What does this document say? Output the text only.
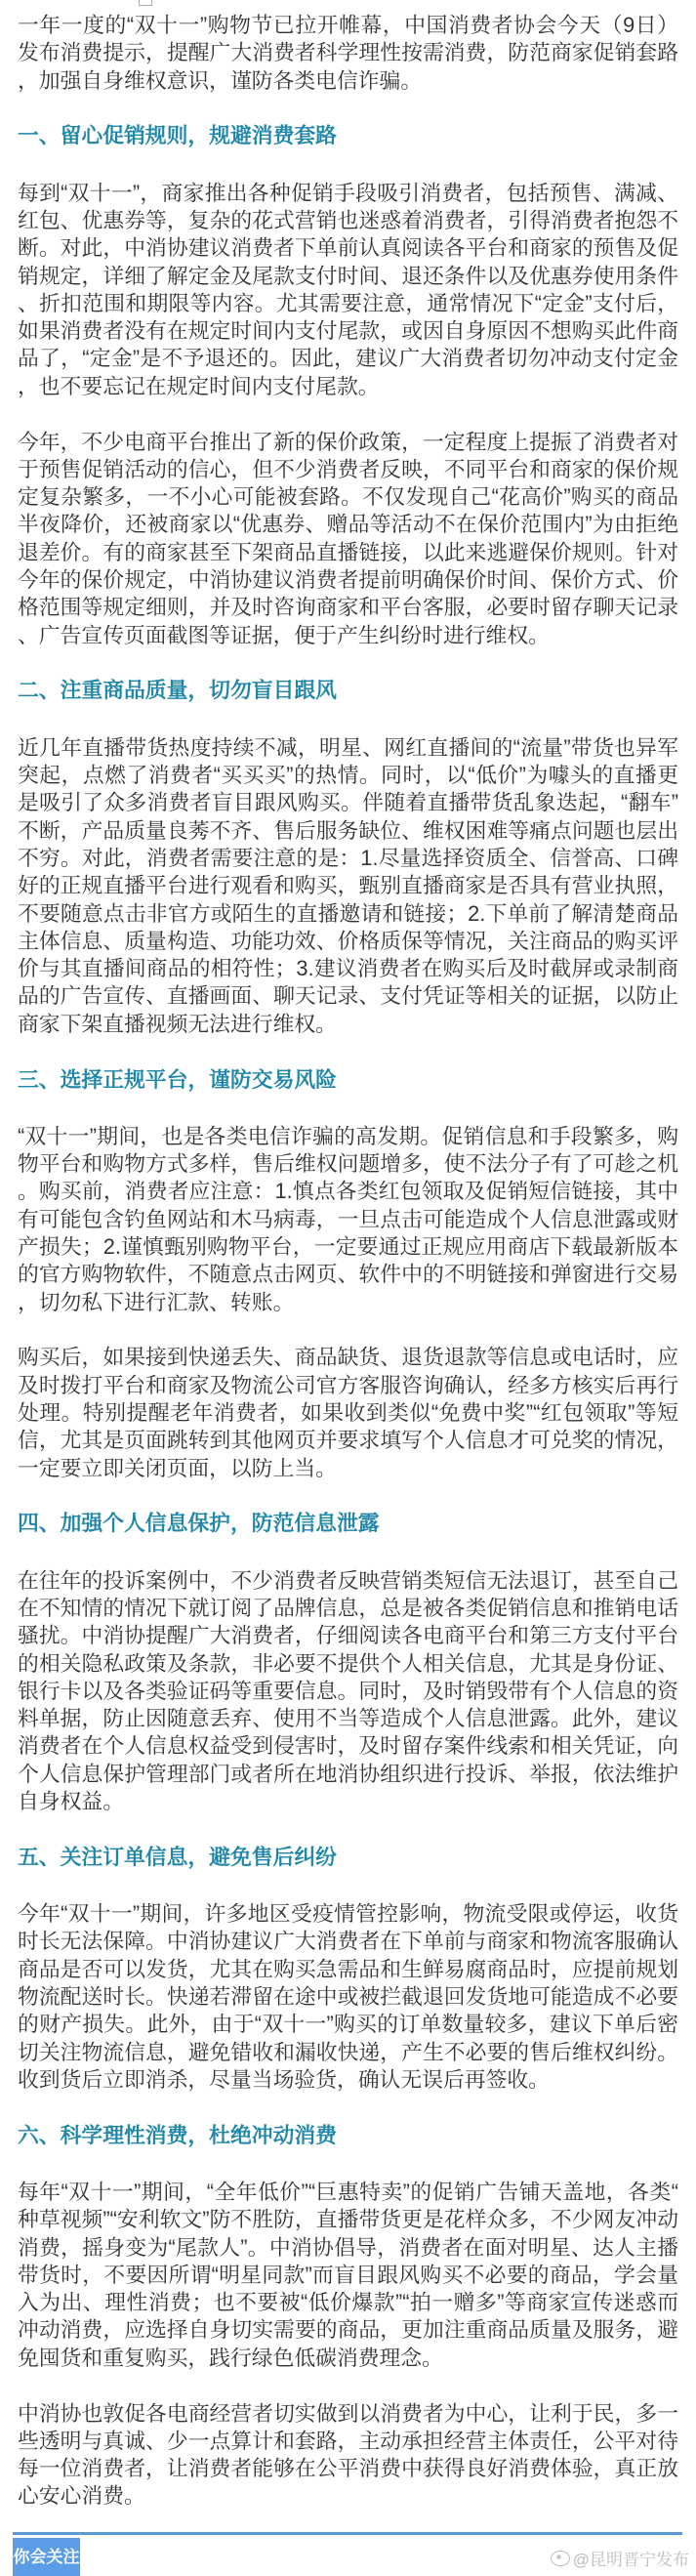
一年一度的“双十一”购物节已拉开帷幕，中国消费者协会今天（9日）发布消费提示，提醒广大消费者科学理性按需消费，防范商家促销套路，加强自身维权意识，谨防各类电信诈骗。

一、留心促销规则，规避消费套路

每到“双十一”，商家推出各种促销手段吸引消费者，包括预售、满减、红包、优惠券等，复杂的花式营销也迷惑着消费者，引得消费者抱怨不断。对此，中消协建议消费者下单前认真阅读各平台和商家的预售及促销规定，详细了解定金及尾款支付时间、退还条件以及优惠券使用条件、折扣范围和期限等内容。尤其需要注意，通常情况下“定金”支付后，如果消费者没有在规定时间内支付尾款，或因自身原因不想购买此件商品了，“定金”是不予退还的。因此，建议广大消费者切勿冲动支付定金，也不要忘记在规定时间内支付尾款。

今年，不少电商平台推出了新的保价政策，一定程度上提振了消费者对于预售促销活动的信心，但不少消费者反映，不同平台和商家的保价规定复杂繁多，一不小心可能被套路。不仅发现自己“花高价”购买的商品半夜降价，还被商家以“优惠券、赠品等活动不在保价范围内”为由拒绝退差价。有的商家甚至下架商品直播链接，以此来逃避保价规则。针对今年的保价规定，中消协建议消费者提前明确保价时间、保价方式、价格范围等规定细则，并及时咨询商家和平台客服，必要时留存聊天记录、广告宣传页面截图等证据，便于产生纠纷时进行维权。

二、注重商品质量，切勿盲目跟风

近几年直播带货热度持续不减，明星、网红直播间的“流量”带货也异军突起，点燃了消费者“买买买”的热情。同时，以“低价”为噱头的直播更是吸引了众多消费者盲目跟风购买。伴随着直播带货乱象迭起，“翻车”不断，产品质量良莠不齐、售后服务缺位、维权困难等痛点问题也层出不穷。对此，消费者需要注意的是：1.尽量选择资质全、信誉高、口碑好的正规直播平台进行观看和购买，甄别直播商家是否具有营业执照，不要随意点击非官方或陌生的直播邀请和链接；2.下单前了解清楚商品主体信息、质量构造、功能功效、价格质保等情况，关注商品的购买评价与其直播间商品的相符性；3.建议消费者在购买后及时截屏或录制商品的广告宣传、直播画面、聊天记录、支付凭证等相关的证据，以防止商家下架直播视频无法进行维权。

三、选择正规平台，谨防交易风险

“双十一”期间，也是各类电信诈骗的高发期。促销信息和手段繁多，购物平台和购物方式多样，售后维权问题增多，使不法分子有了可趁之机。购买前，消费者应注意：1.慎点各类红包领取及促销短信链接，其中有可能包含钓鱼网站和木马病毒，一旦点击可能造成个人信息泄露或财产损失；2.谨慎甄别购物平台，一定要通过正规应用商店下载最新版本的官方购物软件，不随意点击网页、软件中的不明链接和弹窗进行交易，切勿私下进行汇款、转账。

购买后，如果接到快递丢失、商品缺货、退货退款等信息或电话时，应及时拨打平台和商家及物流公司官方客服咨询确认，经多方核实后再行处理。特别提醒老年消费者，如果收到类似“免费中奖”“红包领取”等短信，尤其是页面跳转到其他网页并要求填写个人信息才可兑奖的情况，一定要立即关闭页面，以防上当。

四、加强个人信息保护，防范信息泄露

在往年的投诉案例中，不少消费者反映营销类短信无法退订，甚至自己在不知情的情况下就订阅了品牌信息，总是被各类促销信息和推销电话骚扰。中消协提醒广大消费者，仔细阅读各电商平台和第三方支付平台的相关隐私政策及条款，非必要不提供个人相关信息，尤其是身份证、银行卡以及各类验证码等重要信息。同时，及时销毁带有个人信息的资料单据，防止因随意丢弃、使用不当等造成个人信息泄露。此外，建议消费者在个人信息权益受到侵害时，及时留存案件线索和相关凭证，向个人信息保护管理部门或者所在地消协组织进行投诉、举报，依法维护自身权益。

五、关注订单信息，避免售后纠纷

今年“双十一”期间，许多地区受疫情管控影响，物流受限或停运，收货时长无法保障。中消协建议广大消费者在下单前与商家和物流客服确认商品是否可以发货，尤其在购买急需品和生鲜易腐商品时，应提前规划物流配送时长。快递若滞留在途中或被拦截退回发货地可能造成不必要的财产损失。此外，由于“双十一”购买的订单数量较多，建议下单后密切关注物流信息，避免错收和漏收快递，产生不必要的售后维权纠纷。收到货后立即消杀，尽量当场验货，确认无误后再签收。

六、科学理性消费，杜绝冲动消费

每年“双十一”期间，“全年低价”“巨惠特卖”的促销广告铺天盖地，各类“种草视频”“安利软文”防不胜防，直播带货更是花样众多，不少网友冲动消费，摇身变为“尾款人”。中消协倡导，消费者在面对明星、达人主播带货时，不要因所谓“明星同款”而盲目跟风购买不必要的商品，学会量入为出、理性消费；也不要被“低价爆款”“拍一赠多”等商家宣传迷惑而冲动消费，应选择自身切实需要的商品，更加注重商品质量及服务，避免囤货和重复购买，践行绿色低碳消费理念。

中消协也敦促各电商经营者切实做到以消费者为中心，让利于民，多一些透明与真诚、少一点算计和套路，主动承担经营主体责任，公平对待每一位消费者，让消费者能够在公平消费中获得良好消费体验，真正放心安心消费。

你会关注	@昆明晋宁发布
